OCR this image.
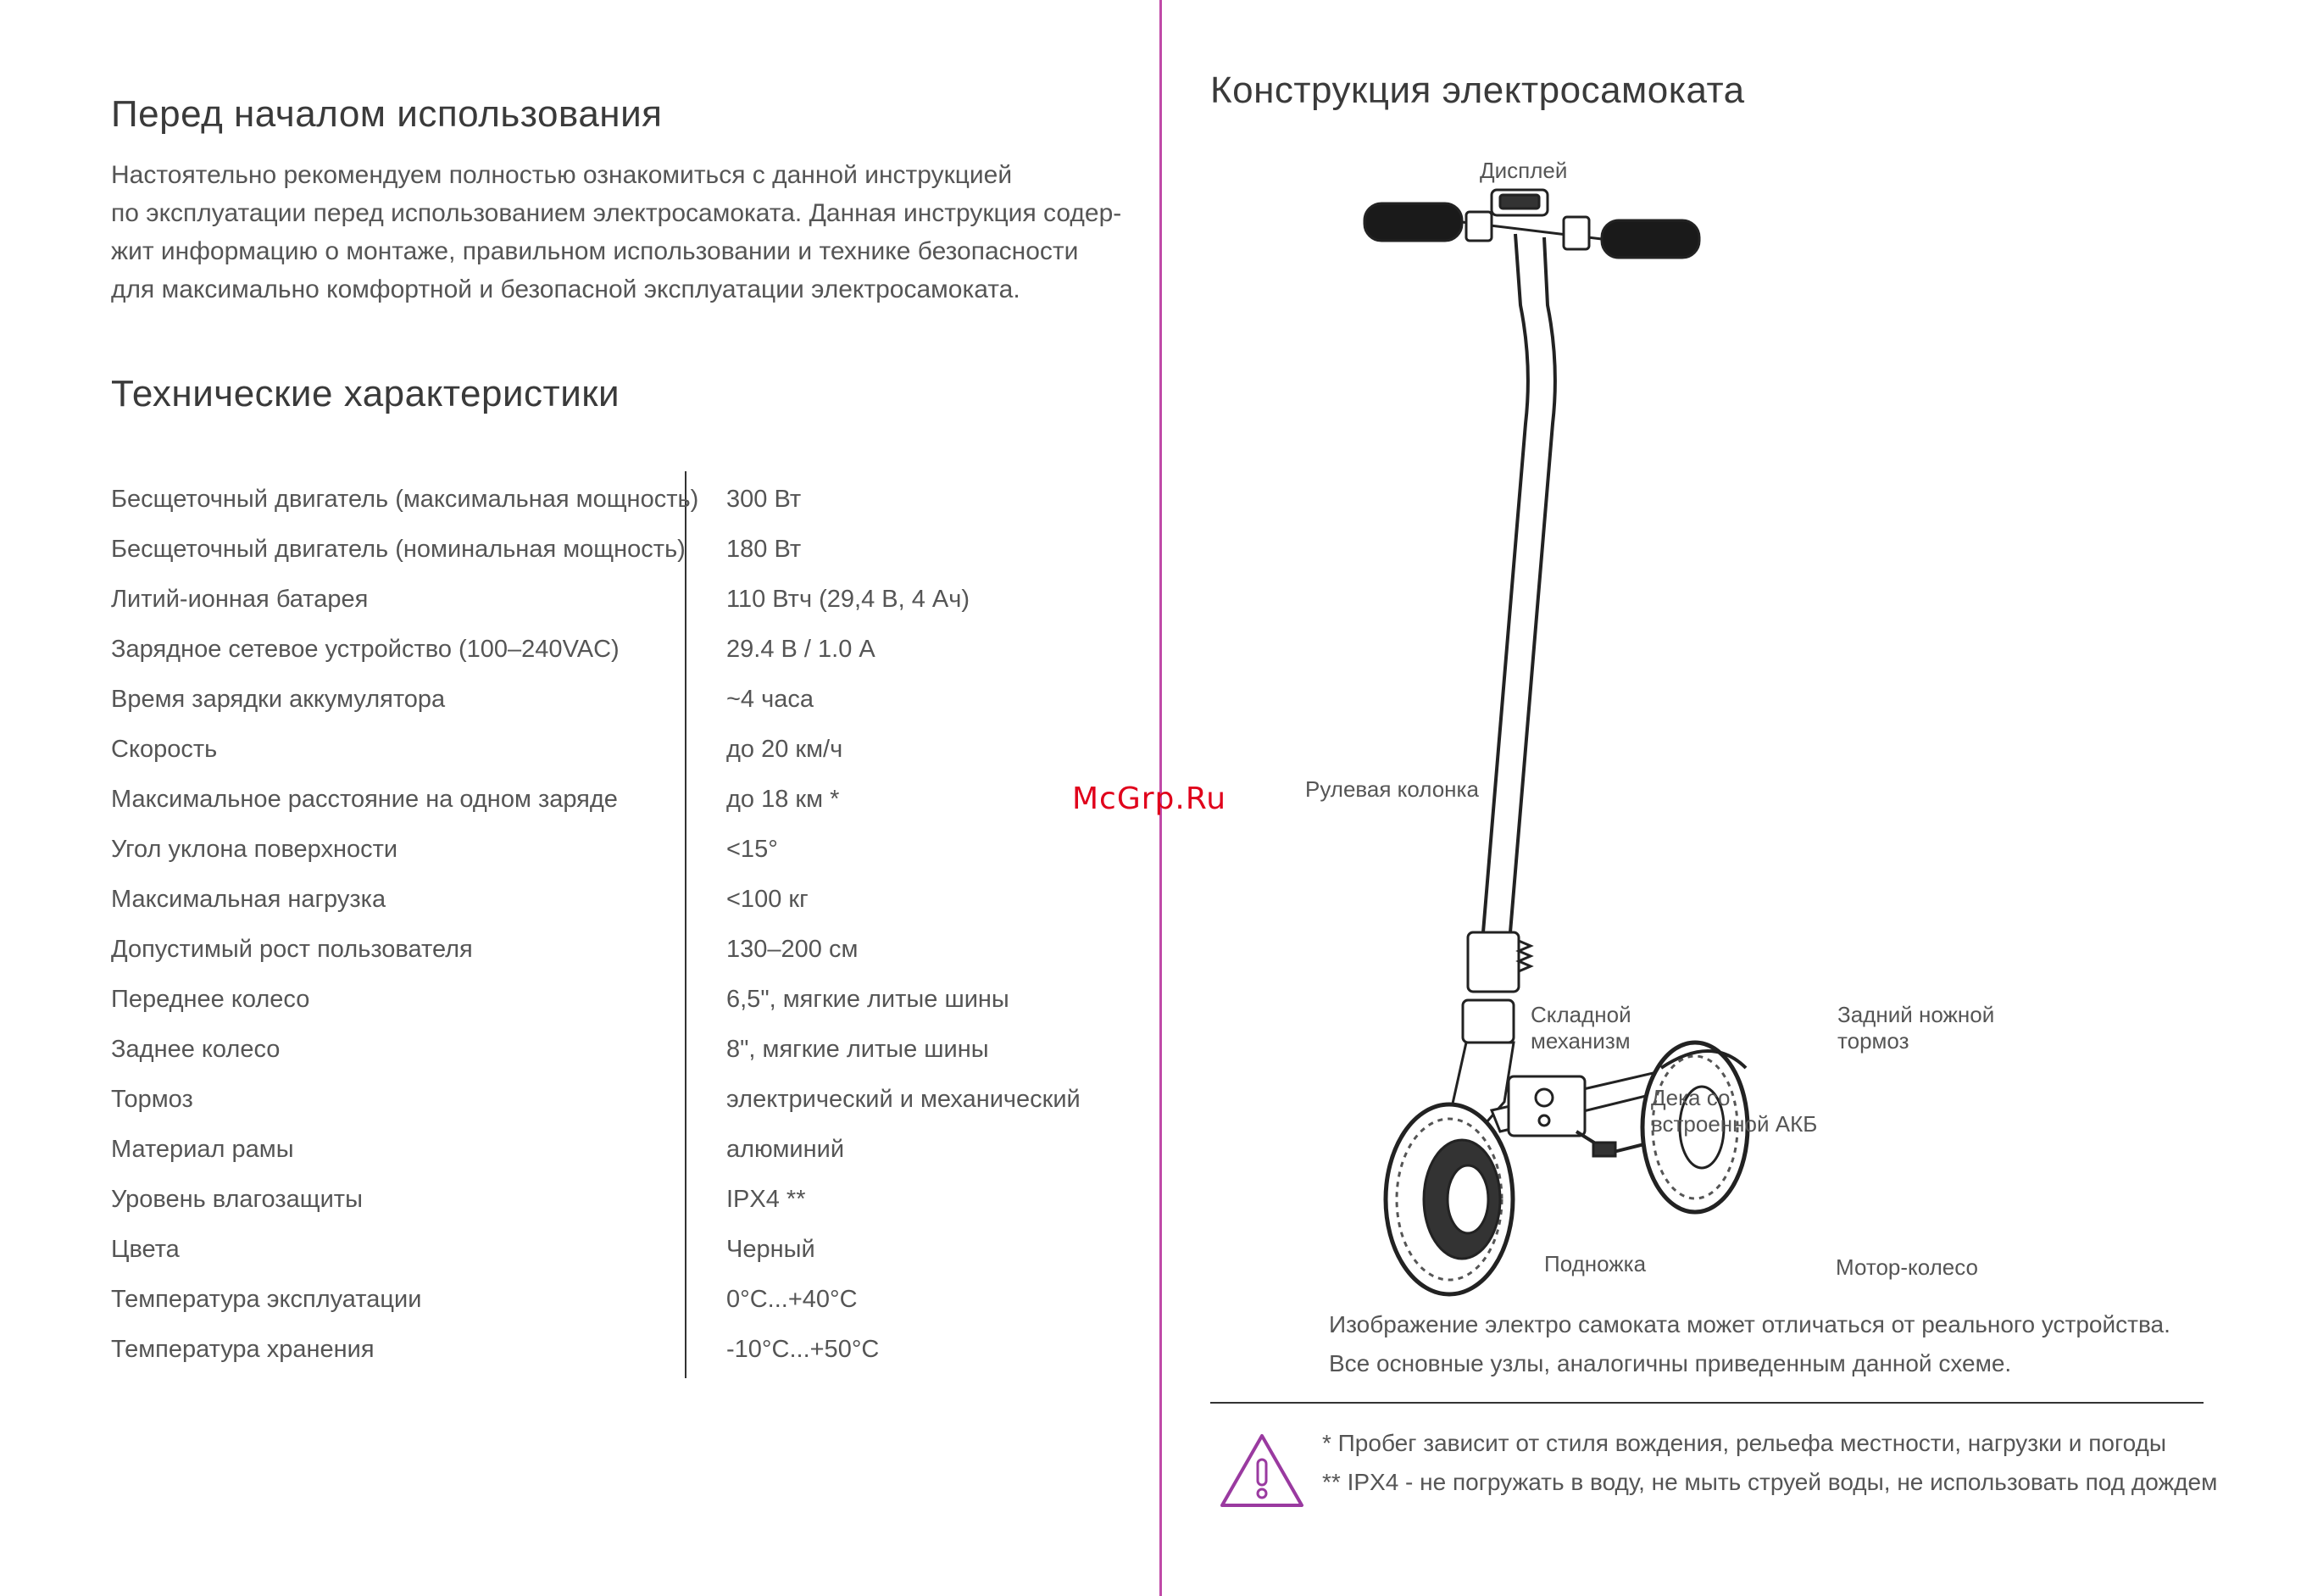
Перед началом использования
Настоятельно рекомендуем полностью ознакомиться с данной инструкцией
по эксплуатации перед использованием электросамоката. Данная инструкция содер-
жит информацию о монтаже, правильном использовании и технике безопасности
для максимально комфортной и безопасной эксплуатации электросамоката.
Технические характеристики
Бесщеточный двигатель (максимальная мощность)	300 Вт
Бесщеточный двигатель (номинальная мощность)	180 Вт
Литий-ионная батарея	110 Втч (29,4 В, 4 Ач)
Зарядное сетевое устройство (100–240VAC)	29.4 В / 1.0 А
Время зарядки аккумулятора	~4 часа
Скорость	до 20 км/ч
Максимальное расстояние на одном заряде	до 18 км *
Угол уклона поверхности	<15°
Максимальная нагрузка	<100 кг
Допустимый рост пользователя	130–200 см
Переднее колесо	6,5", мягкие литые шины
Заднее колесо	8", мягкие литые шины
Тормоз	электрический и механический
Материал рамы	алюминий
Уровень влагозащиты	IPX4 **
Цвета	Черный
Температура эксплуатации	0°C...+40°C
Температура хранения	-10°C...+50°C
Конструкция электросамоката
Дисплей
Рулевая колонка
Складной
механизм
Задний ножной
тормоз
Дека со
встроенной АКБ
Подножка	Мотор-колесо
Изображение электро самоката может отличаться от реального устройства.
Все основные узлы, аналогичны приведенным данной схеме.
* Пробег зависит от стиля вождения, рельефа местности, нагрузки и погоды
** IPX4 - не погружать в воду, не мыть струей воды, не использовать под дождем
McGrp.Ru
